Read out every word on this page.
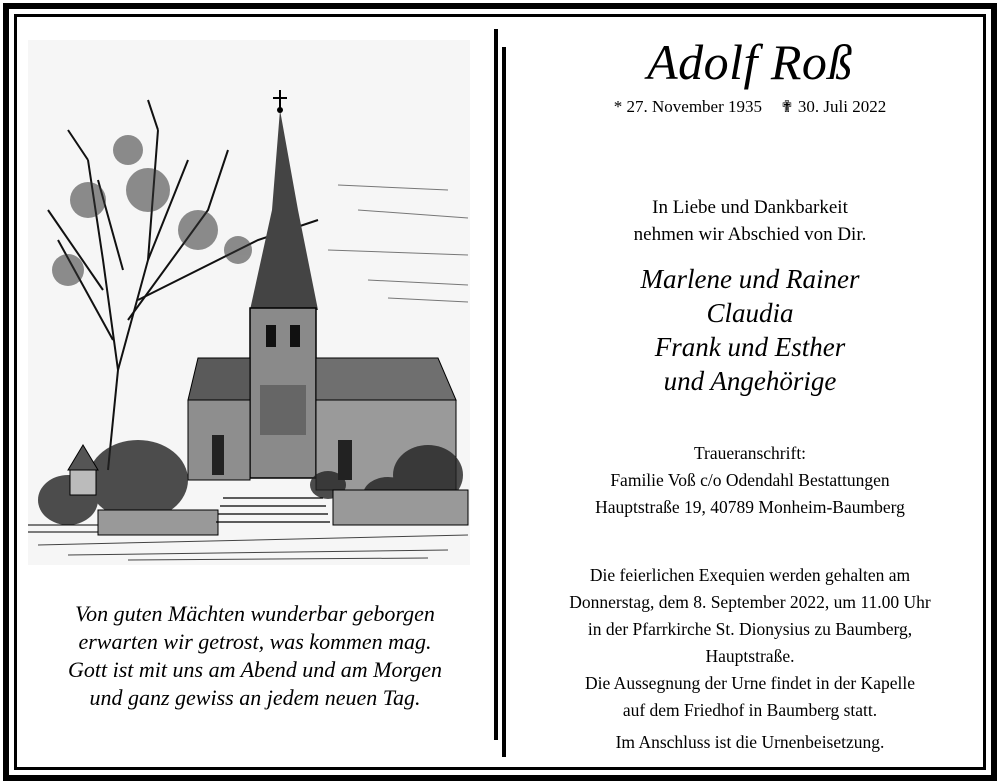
Von guten Mächten wunderbar geborgen
erwarten wir getrost, was kommen mag.
Gott ist mit uns am Abend und am Morgen
und ganz gewiss an jedem neuen Tag.
Adolf Roß
* 27. November 1935 ✟ 30. Juli 2022
In Liebe und Dankbarkeit
nehmen wir Abschied von Dir.
Marlene und Rainer
Claudia
Frank und Esther
und Angehörige
Traueranschrift:
Familie Voß c/o Odendahl Bestattungen
Hauptstraße 19, 40789 Monheim-Baumberg
Die feierlichen Exequien werden gehalten am
Donnerstag, dem 8. September 2022, um 11.00 Uhr
in der Pfarrkirche St. Dionysius zu Baumberg,
Hauptstraße.
Die Aussegnung der Urne findet in der Kapelle
auf dem Friedhof in Baumberg statt.
Im Anschluss ist die Urnenbeisetzung.
